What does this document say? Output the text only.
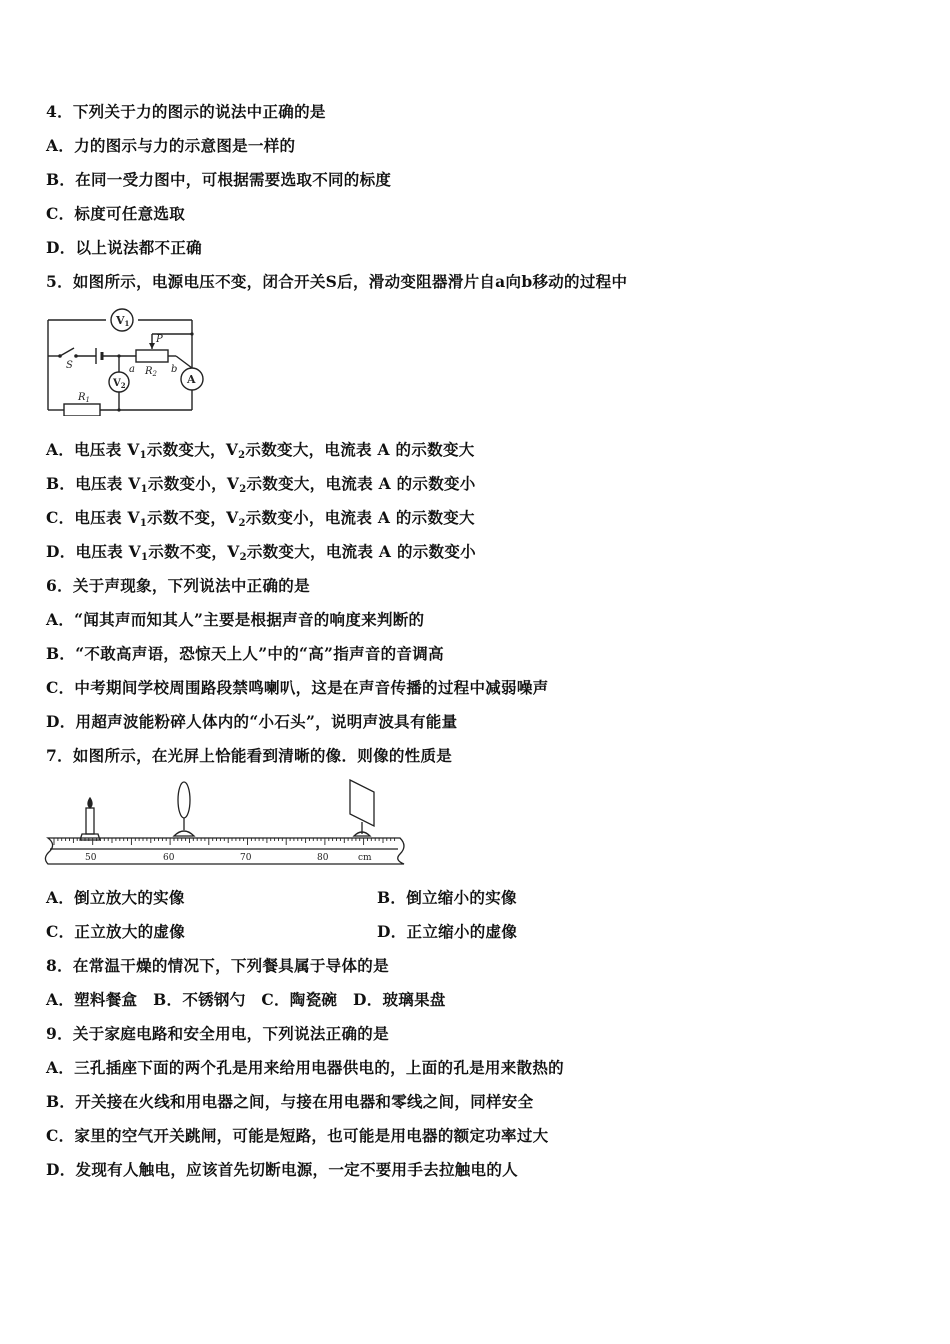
4．下列关于力的图示的说法中正确的是
A．力的图示与力的示意图是一样的
B．在同一受力图中，可根据需要选取不同的标度
C．标度可任意选取
D．以上说法都不正确
5．如图所示，电源电压不变，闭合开关S后，滑动变阻器滑片自a向b移动的过程中
V1
$V_2$	A
S
P
$R_2$
$R_1$
a	b
A．电压表 $V_1$示数变大，$V_2$示数变大，电流表 A 的示数变大
B．电压表 $V_1$示数变小，$V_2$示数变大，电流表 A 的示数变小
C．电压表 $V_1$示数不变，$V_2$示数变小，电流表 A 的示数变大
D．电压表 $V_1$示数不变，$V_2$示数变大，电流表 A 的示数变小
6．关于声现象，下列说法中正确的是
A．“闻其声而知其人”主要是根据声音的响度来判断的
B．“不敢高声语，恐惊天上人”中的“高”指声音的音调高
C．中考期间学校周围路段禁鸣喇叭，这是在声音传播的过程中减弱噪声
D．用超声波能粉碎人体内的“小石头”，说明声波具有能量
7．如图所示，在光屏上恰能看到清晰的像．则像的性质是
50	60	70	80	cm
A．倒立放大的实像	B．倒立缩小的实像
C．正立放大的虚像	D．正立缩小的虚像
8．在常温干燥的情况下，下列餐具属于导体的是
A．塑料餐盒　B．不锈钢勺　C．陶瓷碗　D．玻璃果盘
9．关于家庭电路和安全用电，下列说法正确的是
A．三孔插座下面的两个孔是用来给用电器供电的，上面的孔是用来散热的
B．开关接在火线和用电器之间，与接在用电器和零线之间，同样安全
C．家里的空气开关跳闸，可能是短路，也可能是用电器的额定功率过大
D．发现有人触电，应该首先切断电源，一定不要用手去拉触电的人
